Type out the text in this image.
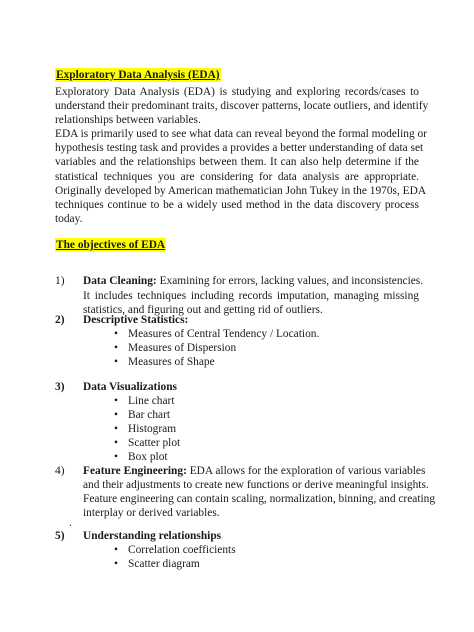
Exploratory Data Analysis (EDA)
Exploratory Data Analysis (EDA) is studying and exploring records/cases to
understand their predominant traits, discover patterns, locate outliers, and identify
relationships between variables.
EDA is primarily used to see what data can reveal beyond the formal modeling or
hypothesis testing task and provides a provides a better understanding of data set
variables and the relationships between them. It can also help determine if the
statistical techniques you are considering for data analysis are appropriate.
Originally developed by American mathematician John Tukey in the 1970s, EDA
techniques continue to be a widely used method in the data discovery process
today.
The objectives of EDA
1) Data Cleaning: Examining for errors, lacking values, and inconsistencies.
It includes techniques including records imputation, managing missing
statistics, and figuring out and getting rid of outliers.
2) Descriptive Statistics:
• Measures of Central Tendency / Location.
• Measures of Dispersion
• Measures of Shape
3) Data Visualizations
• Line chart
• Bar chart
• Histogram
• Scatter plot
• Box plot
4) Feature Engineering: EDA allows for the exploration of various variables
and their adjustments to create new functions or derive meaningful insights.
Feature engineering can contain scaling, normalization, binning, and creating
interplay or derived variables.
.
5) Understanding relationships
• Correlation coefficients
• Scatter diagram
